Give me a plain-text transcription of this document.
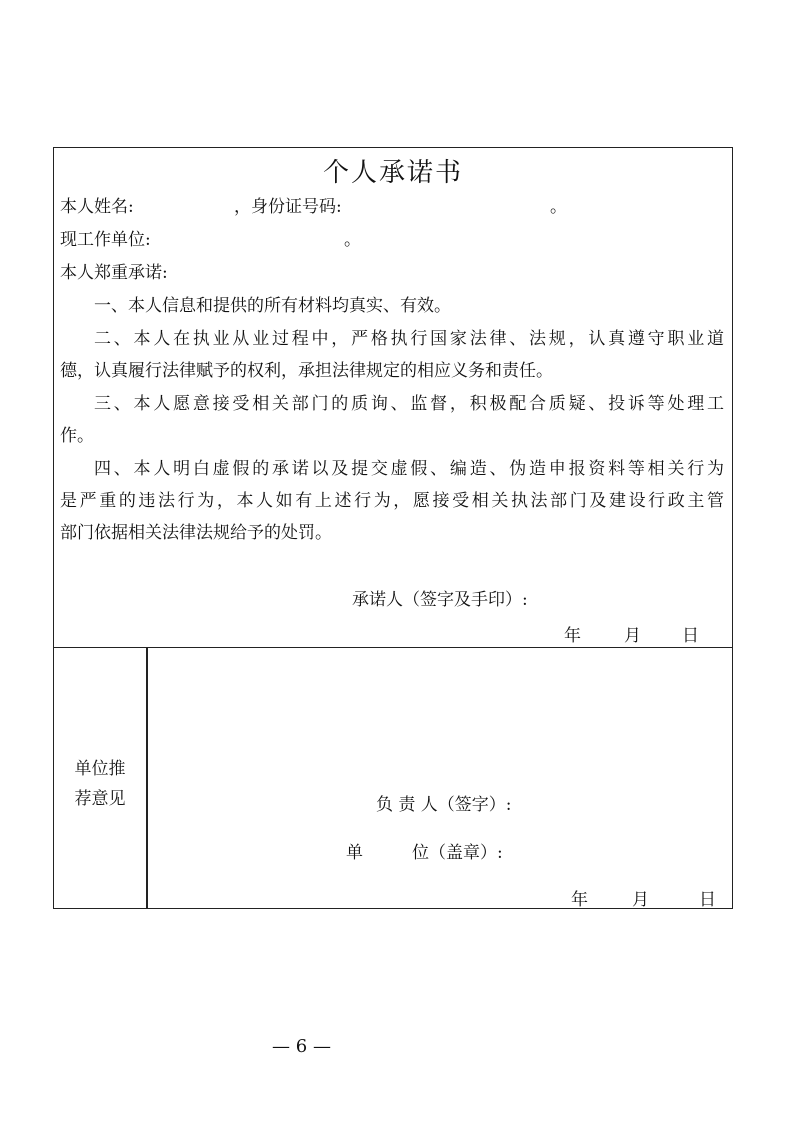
个人承诺书
本人姓名:	，身份证号码:	。
现工作单位:	。
本人郑重承诺:
一、本人信息和提供的所有材料均真实、有效。
二、本人在执业从业过程中，严格执行国家法律、法规，认真遵守职业道
德，认真履行法律赋予的权利，承担法律规定的相应义务和责任。
三、本人愿意接受相关部门的质询、监督，积极配合质疑、投诉等处理工
作。
四、本人明白虚假的承诺以及提交虚假、编造、伪造申报资料等相关行为
是严重的违法行为，本人如有上述行为，愿接受相关执法部门及建设行政主管
部门依据相关法律法规给予的处罚。
承诺人（签字及手印）:
年	月 日
单位推
荐意见	负 责 人（签字）:
单	位（盖章）:
年	月	日
— 6 —
